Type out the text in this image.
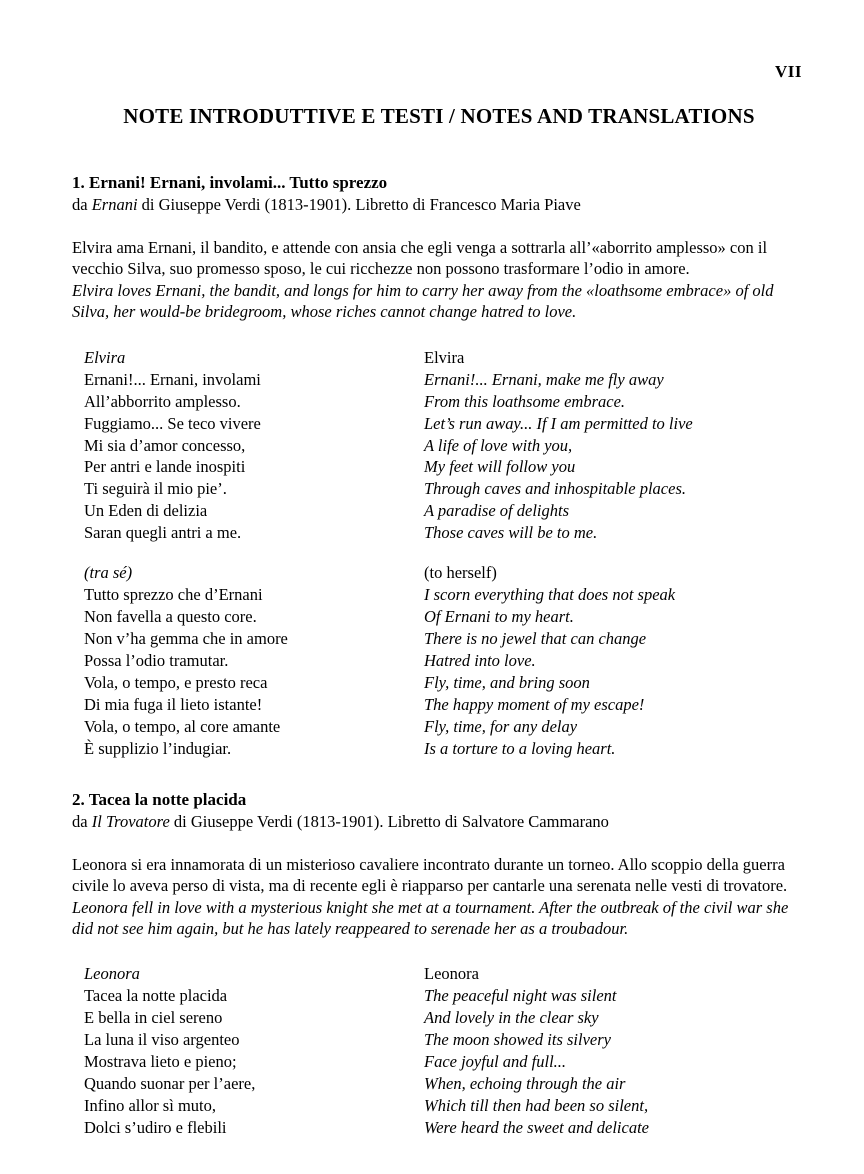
VII
NOTE INTRODUTTIVE E TESTI / NOTES AND TRANSLATIONS
1. Ernani! Ernani, involami... Tutto sprezzo
da Ernani di Giuseppe Verdi (1813-1901). Libretto di Francesco Maria Piave
Elvira ama Ernani, il bandito, e attende con ansia che egli venga a sottrarla all’«aborrito amplesso» con il vecchio Silva, suo promesso sposo, le cui ricchezze non possono trasformare l’odio in amore.
Elvira loves Ernani, the bandit, and longs for him to carry her away from the «loathsome embrace» of old Silva, her would-be bridegroom, whose riches cannot change hatred to love.
Elvira
Ernani!... Ernani, involami
All’abborrito amplesso.
Fuggiamo... Se teco vivere
Mi sia d’amor concesso,
Per antri e lande inospiti
Ti seguirà il mio pie’.
Un Eden di delizia
Saran quegli antri a me.
Elvira
Ernani!... Ernani, make me fly away
From this loathsome embrace.
Let’s run away... If I am permitted to live
A life of love with you,
My feet will follow you
Through caves and inhospitable places.
A paradise of delights
Those caves will be to me.
(tra sé)
Tutto sprezzo che d’Ernani
Non favella a questo core.
Non v’ha gemma che in amore
Possa l’odio tramutar.
Vola, o tempo, e presto reca
Di mia fuga il lieto istante!
Vola, o tempo, al core amante
È supplizio l’indugiar.
(to herself)
I scorn everything that does not speak
Of Ernani to my heart.
There is no jewel that can change
Hatred into love.
Fly, time, and bring soon
The happy moment of my escape!
Fly, time, for any delay
Is a torture to a loving heart.
2. Tacea la notte placida
da Il Trovatore di Giuseppe Verdi (1813-1901). Libretto di Salvatore Cammarano
Leonora si era innamorata di un misterioso cavaliere incontrato durante un torneo. Allo scoppio della guerra civile lo aveva perso di vista, ma di recente egli è riapparso per cantarle una serenata nelle vesti di trovatore.
Leonora fell in love with a mysterious knight she met at a tournament. After the outbreak of the civil war she did not see him again, but he has lately reappeared to serenade her as a troubadour.
Leonora
Tacea la notte placida
E bella in ciel sereno
La luna il viso argenteo
Mostrava lieto e pieno;
Quando suonar per l’aere,
Infino allor sì muto,
Dolci s’udiro e flebili
Leonora
The peaceful night was silent
And lovely in the clear sky
The moon showed its silvery
Face joyful and full...
When, echoing through the air
Which till then had been so silent,
Were heard the sweet and delicate
